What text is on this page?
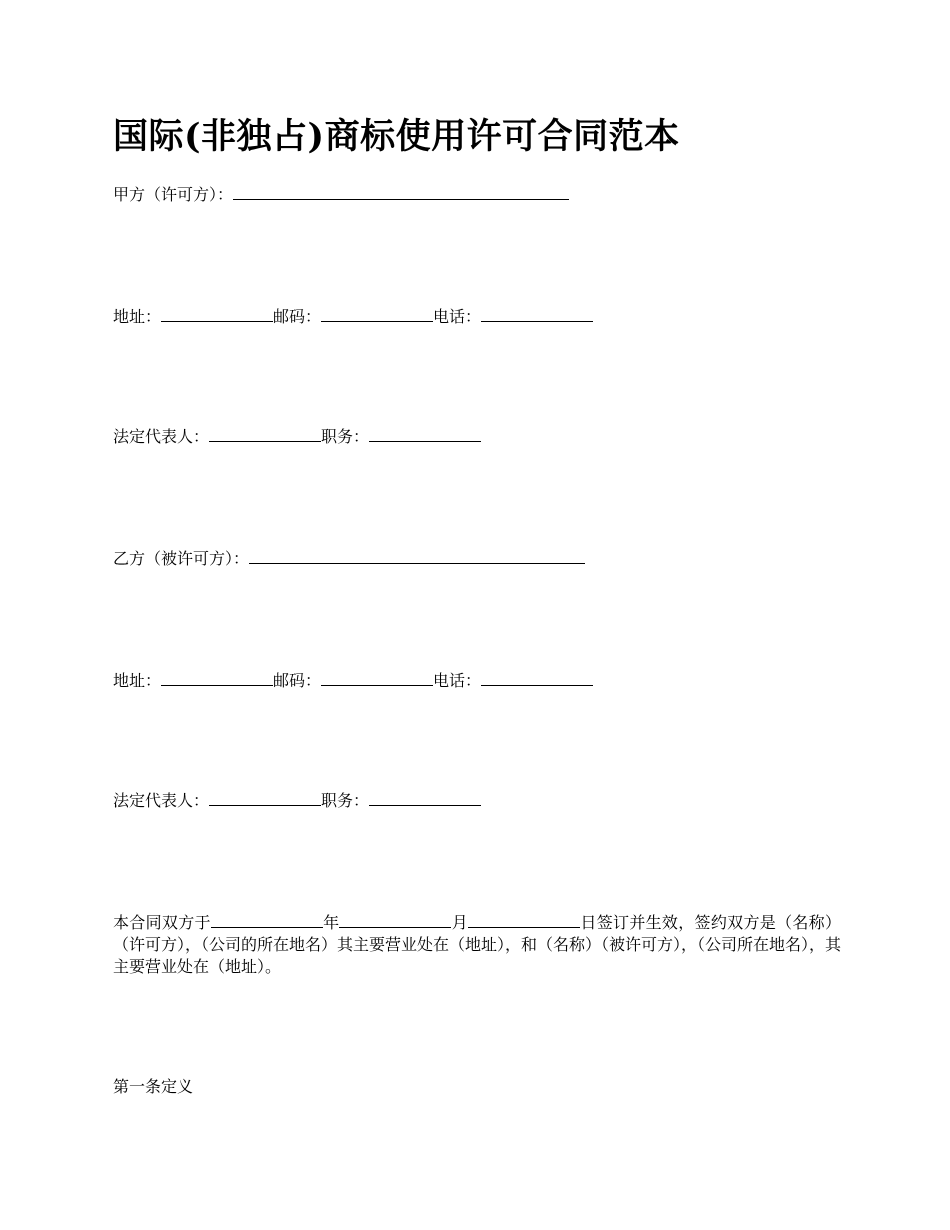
国际(非独占)商标使用许可合同范本
甲方（许可方）：
地址：	邮码：	电话：
法定代表人：	职务：
乙方（被许可方）：
地址：	邮码：	电话：
法定代表人：	职务：
本合同双方于	年	月	日签订并生效，签约双方是（名称）（许可方），（公司的所在地名）其主要营业处在（地址），和（名称）（被许可方），（公司所在地名），其主要营业处在（地址）。
第一条定义
